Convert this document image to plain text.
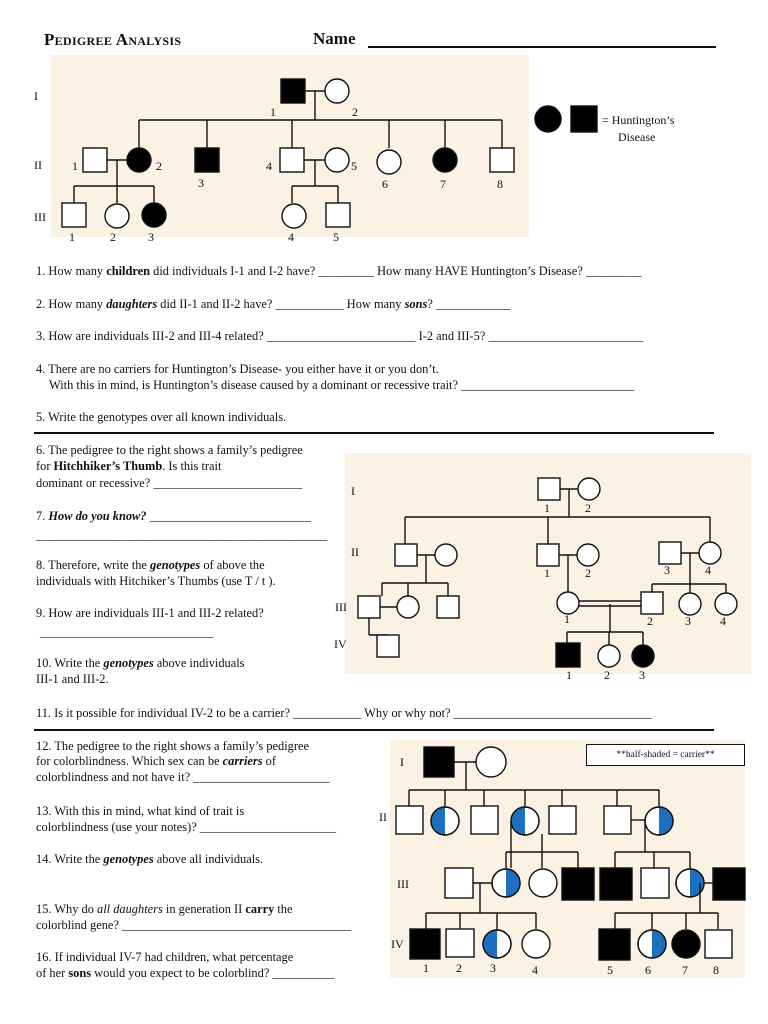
Pedigree Analysis	Name
I
II
III
1	2
1	2
3
4	5
6	7	8
1	2	3	4	5
= Huntington’s
Disease
1. How many children did individuals I-1 and I-2 have? _________ How many HAVE Huntington’s Disease? _________
2. How many daughters did II-1 and II-2 have? ___________ How many sons? ____________
3. How are individuals III-2 and III-4 related? ________________________ I-2 and III-5? _________________________
4. There are no carriers for Huntington’s Disease- you either have it or you don’t.
With this in mind, is Huntington’s disease caused by a dominant or recessive trait? ____________________________
5. Write the genotypes over all known individuals.
I
II
III
IV
1	2
1	2	3	4
1	2	3 4
1	2 3
6. The pedigree to the right shows a family’s pedigree
for Hitchhiker’s Thumb. Is this trait
dominant or recessive? ________________________
7. How do you know? __________________________
_______________________________________________
8. Therefore, write the genotypes of above the
individuals with Hitchiker’s Thumbs (use T / t ).
9. How are individuals III-1 and III-2 related?
____________________________
10. Write the genotypes above individuals
III-1 and III-2.
11. Is it possible for individual IV-2 to be a carrier? ___________ Why or why not? ________________________________
**half-shaded = carrier**
I
II
III
IV
1 2 3	4	5	6	7 8
12. The pedigree to the right shows a family’s pedigree
for colorblindness. Which sex can be carriers of
colorblindness and not have it? ______________________
13. With this in mind, what kind of trait is
colorblindness (use your notes)? ______________________
14. Write the genotypes above all individuals.
15. Why do all daughters in generation II carry the
colorblind gene? _____________________________________
16. If individual IV-7 had children, what percentage
of her sons would you expect to be colorblind? __________
